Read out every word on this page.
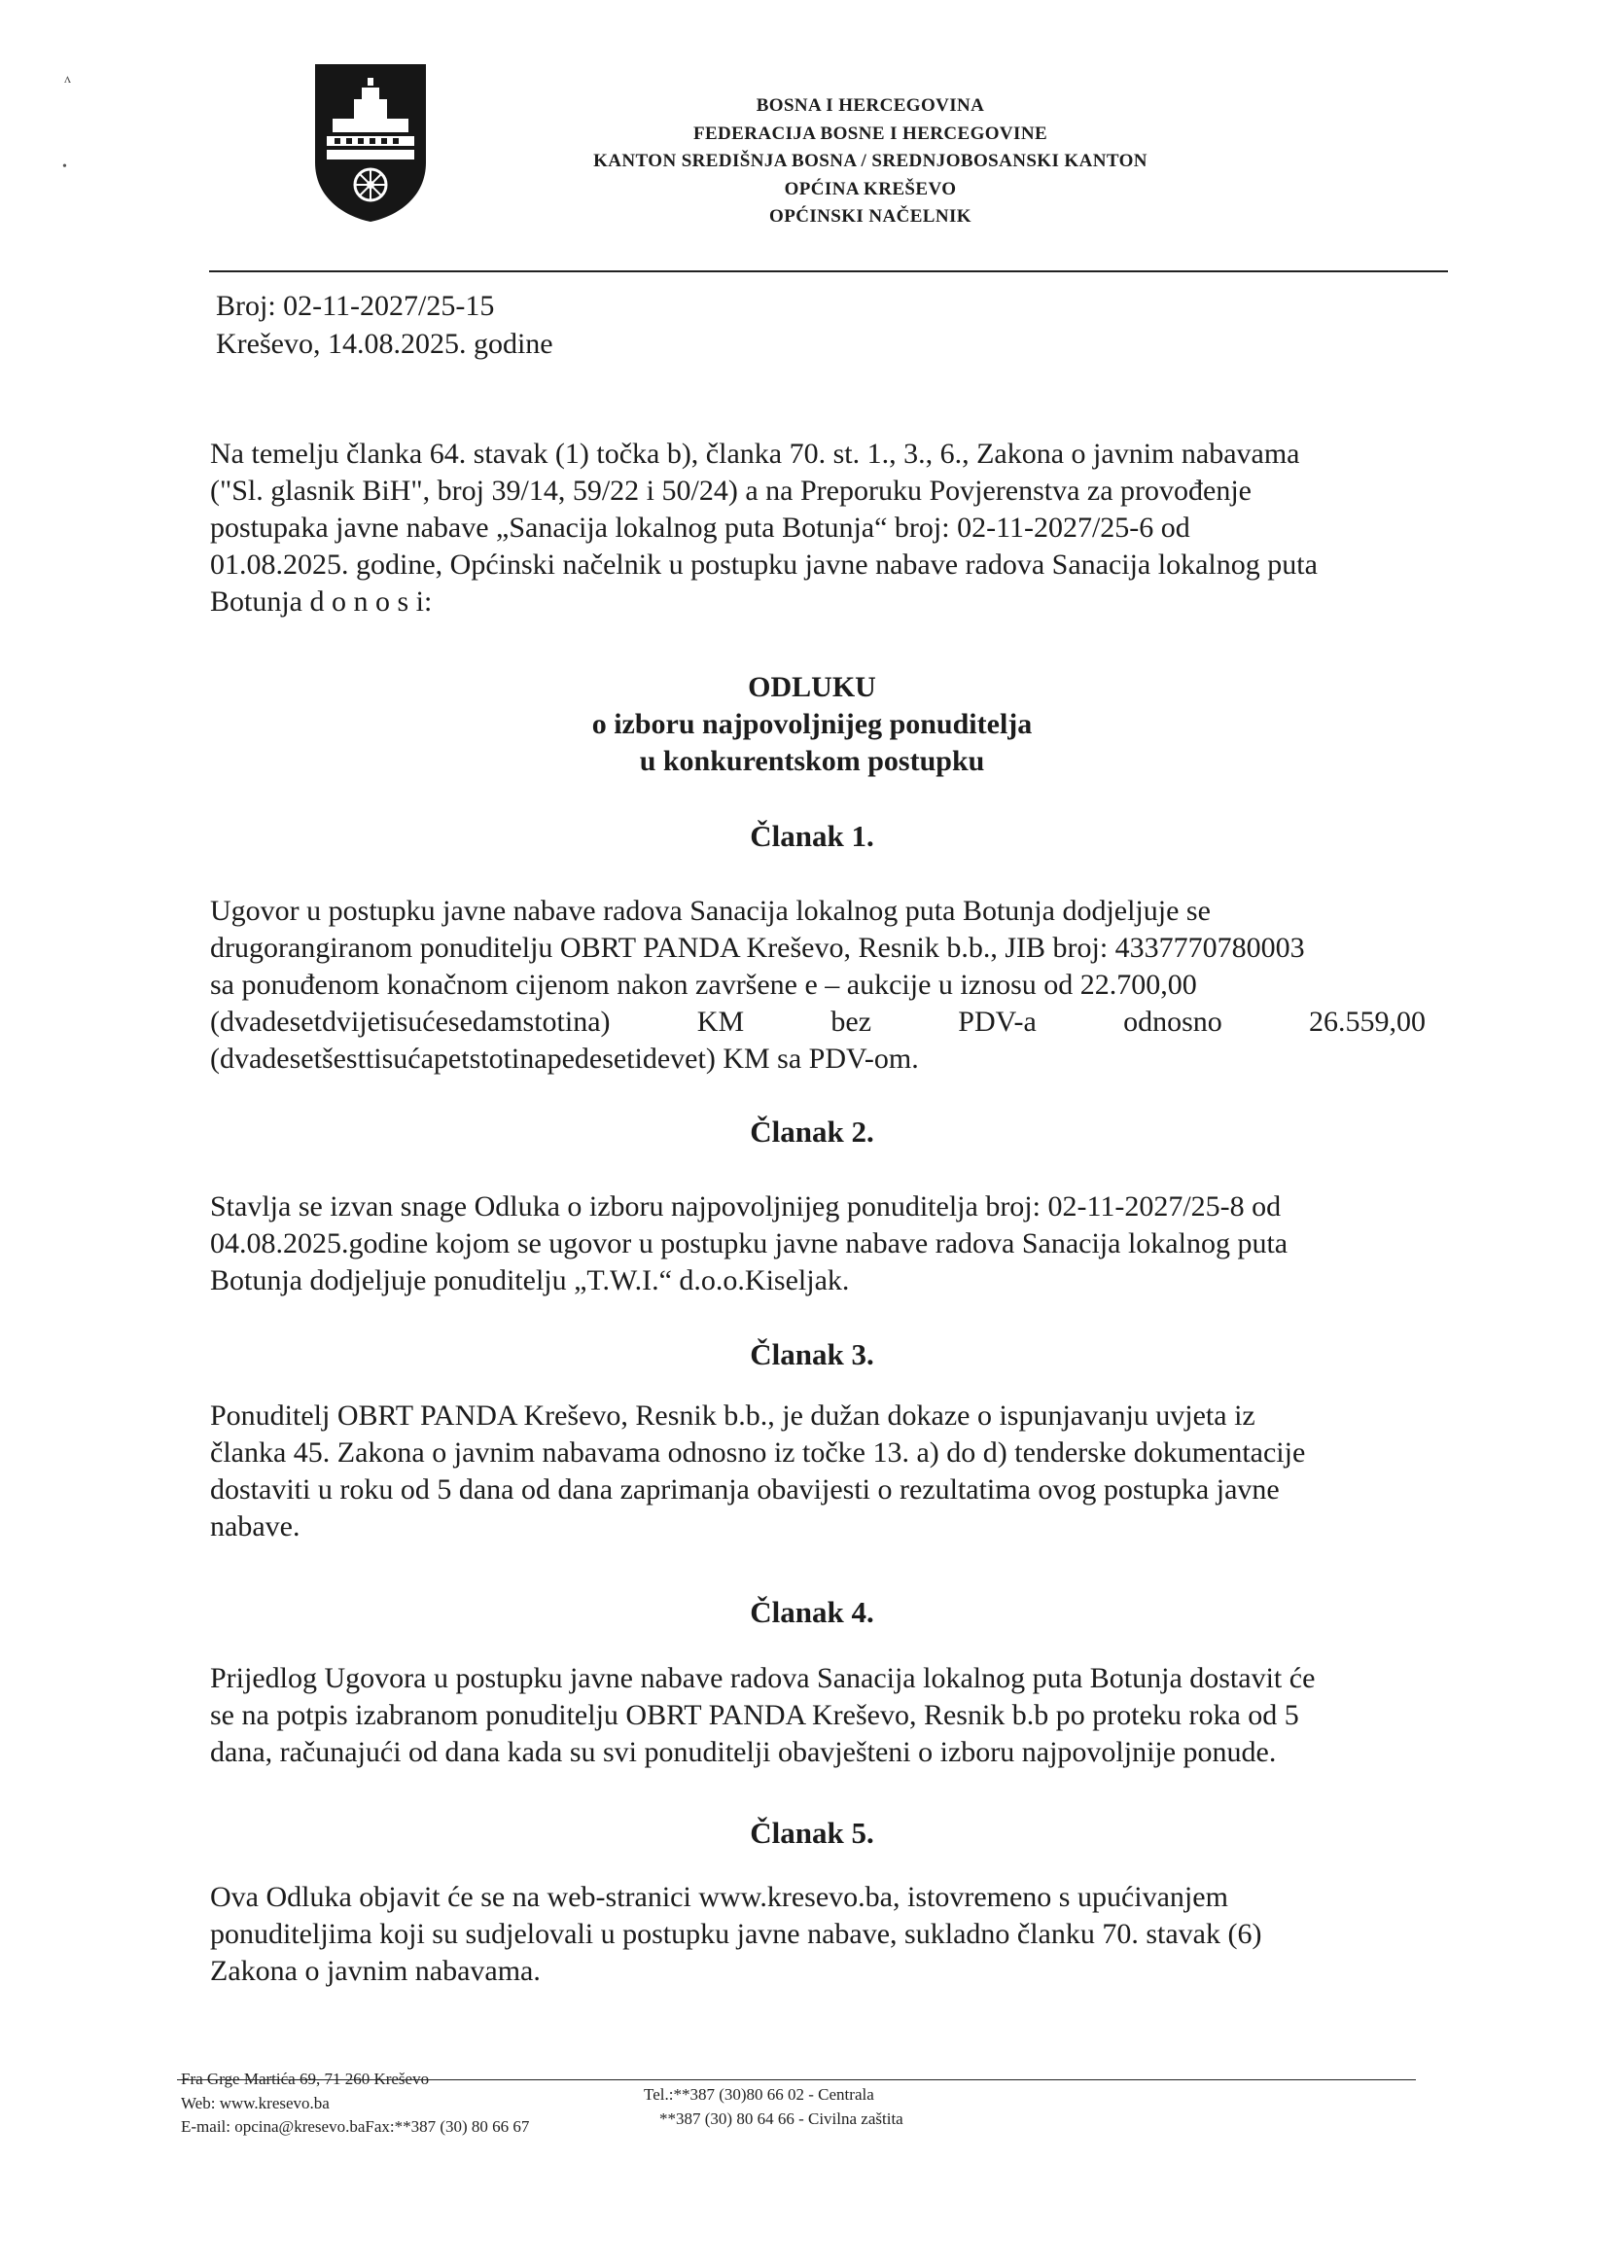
ʌ
•
BOSNA I HERCEGOVINA
FEDERACIJA BOSNE I HERCEGOVINE
KANTON SREDIŠNJA BOSNA / SREDNJOBOSANSKI KANTON
OPĆINA KREŠEVO
OPĆINSKI NAČELNIK
Broj: 02-11-2027/25-15
Kreševo, 14.08.2025. godine
Na temelju članka 64. stavak (1) točka b), članka 70. st. 1., 3., 6., Zakona o javnim nabavama
("Sl. glasnik BiH", broj 39/14, 59/22 i 50/24) a na Preporuku Povjerenstva za provođenje
postupaka javne nabave „Sanacija lokalnog puta Botunja“ broj: 02-11-2027/25-6 od
01.08.2025. godine, Općinski načelnik u postupku javne nabave radova Sanacija lokalnog puta
Botunja d o n o s i:
ODLUKU
o izboru najpovoljnijeg ponuditelja
u konkurentskom postupku
Članak 1.
Ugovor u postupku javne nabave radova Sanacija lokalnog puta Botunja dodjeljuje se
drugorangiranom ponuditelju OBRT PANDA Kreševo, Resnik b.b., JIB broj: 4337770780003
sa ponuđenom konačnom cijenom nakon završene e – aukcije u iznosu od 22.700,00
(dvadesetdvijetisućesedamstotina) KM bez PDV-a odnosno 26.559,00
(dvadesetšesttisućapetstotinapedesetidevet) KM sa PDV-om.
Članak 2.
Stavlja se izvan snage Odluka o izboru najpovoljnijeg ponuditelja broj: 02-11-2027/25-8 od
04.08.2025.godine kojom se ugovor u postupku javne nabave radova Sanacija lokalnog puta
Botunja dodjeljuje ponuditelju „T.W.I.“ d.o.o.Kiseljak.
Članak 3.
Ponuditelj OBRT PANDA Kreševo, Resnik b.b., je dužan dokaze o ispunjavanju uvjeta iz
članka 45. Zakona o javnim nabavama odnosno iz točke 13. a) do d) tenderske dokumentacije
dostaviti u roku od 5 dana od dana zaprimanja obavijesti o rezultatima ovog postupka javne
nabave.
Članak 4.
Prijedlog Ugovora u postupku javne nabave radova Sanacija lokalnog puta Botunja dostavit će
se na potpis izabranom ponuditelju OBRT PANDA Kreševo, Resnik b.b po proteku roka od 5
dana, računajući od dana kada su svi ponuditelji obavješteni o izboru najpovoljnije ponude.
Članak 5.
Ova Odluka objavit će se na web-stranici www.kresevo.ba, istovremeno s upućivanjem
ponuditeljima koji su sudjelovali u postupku javne nabave, sukladno članku 70. stavak (6)
Zakona o javnim nabavama.
Fra Grge Martića 69, 71 260 Kreševo
Web: www.kresevo.ba
E-mail: opcina@kresevo.baFax:**387 (30) 80 66 67
Tel.:**387 (30)80 66 02 - Centrala
**387 (30) 80 64 66 - Civilna zaštita
